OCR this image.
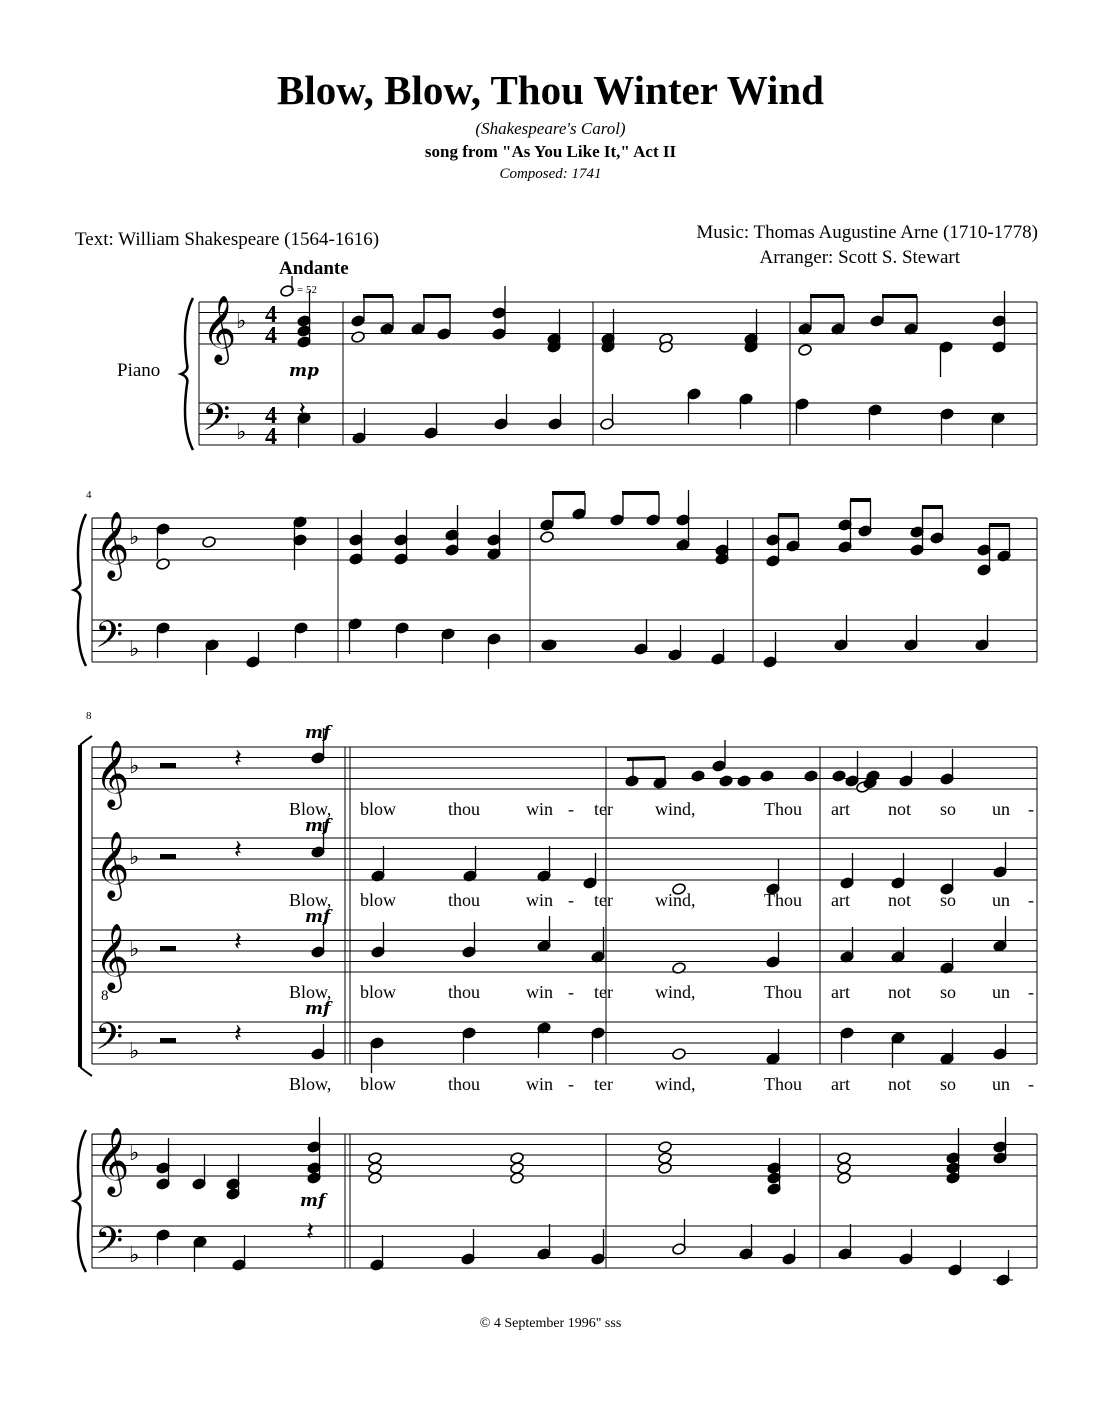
Blow, Blow, Thou Winter Wind
(Shakespeare's Carol)
song from "As You Like It," Act II
Composed: 1741
Text: William Shakespeare (1564-1616)	Music: Thomas Augustine Arne (1710-1778)
Arranger: Scott S. Stewart
Andante
= 52
Piano
4
8
© 4 September 1996" sss
𝄞 ♭
𝄢 ♭
𝄞 ♭
𝄢 ♭
𝄞 ♭
𝄞 ♭
𝄞 ♭
𝄢 ♭
𝄞 ♭
𝄢 ♭
4
4
4
4
𝄽
𝄽
𝄽
𝄽
𝄽
𝄽
8
Blow, blow	thou	win - ter wind,	Thou art not so un -
Blow, blow	thou	win - ter wind,	Thou art not so un -
Blow, blow	thou	win - ter wind,	Thou art not so un -
Blow, blow	thou	win - ter wind,	Thou art not so un -
mp
mf
mf
mf
mf
mf
